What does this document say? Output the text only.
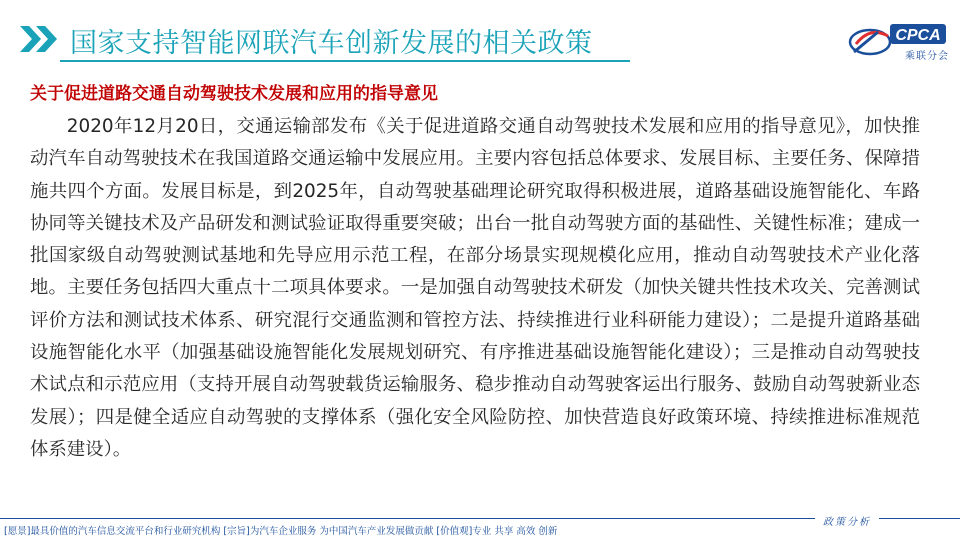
国家支持智能网联汽车创新发展的相关政策	CPCA
乘联分会
关于促进道路交通自动驾驶技术发展和应用的指导意见
2020年12月20日，交通运输部发布《关于促进道路交通自动驾驶技术发展和应用的指导意见》，加快推动汽车自动驾驶技术在我国道路交通运输中发展应用。主要内容包括总体要求、发展目标、主要任务、保障措施共四个方面。发展目标是，到2025年，自动驾驶基础理论研究取得积极进展，道路基础设施智能化、车路协同等关键技术及产品研发和测试验证取得重要突破；出台一批自动驾驶方面的基础性、关键性标准；建成一批国家级自动驾驶测试基地和先导应用示范工程，在部分场景实现规模化应用，推动自动驾驶技术产业化落地。主要任务包括四大重点十二项具体要求。一是加强自动驾驶技术研发（加快关键共性技术攻关、完善测试评价方法和测试技术体系、研究混行交通监测和管控方法、持续推进行业科研能力建设）；二是提升道路基础设施智能化水平（加强基础设施智能化发展规划研究、有序推进基础设施智能化建设）；三是推动自动驾驶技术试点和示范应用（支持开展自动驾驶载货运输服务、稳步推动自动驾驶客运出行服务、鼓励自动驾驶新业态发展）；四是健全适应自动驾驶的支撑体系（强化安全风险防控、加快营造良好政策环境、持续推进标准规范体系建设）。
[愿景]最具价值的汽车信息交流平台和行业研究机构 [宗旨]为汽车企业服务 为中国汽车产业发展做贡献 [价值观]专业 共享 高效 创新
政策分析
